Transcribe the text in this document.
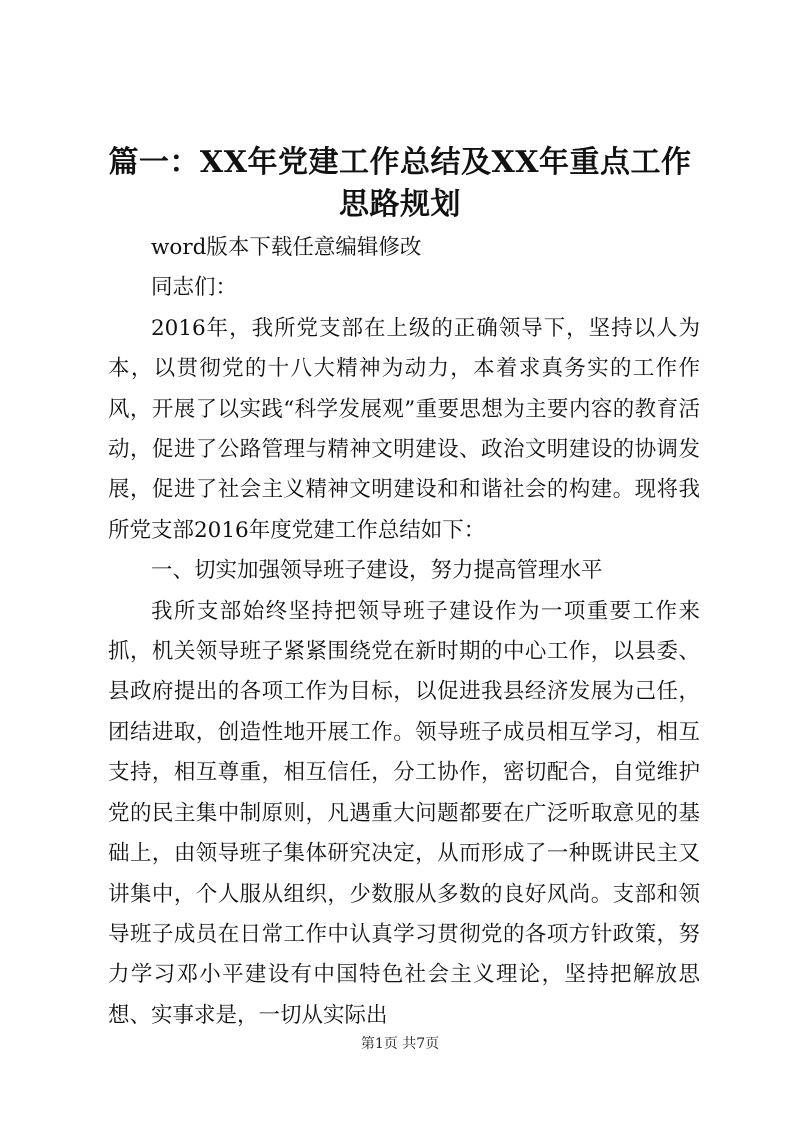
篇一：XX年党建工作总结及XX年重点工作思路规划

word版本下载任意编辑修改

同志们：

2016年，我所党支部在上级的正确领导下，坚持以人为本，以贯彻党的十八大精神为动力，本着求真务实的工作作风，开展了以实践“科学发展观”重要思想为主要内容的教育活动，促进了公路管理与精神文明建设、政治文明建设的协调发展，促进了社会主义精神文明建设和和谐社会的构建。现将我所党支部2016年度党建工作总结如下：

一、切实加强领导班子建设，努力提高管理水平

我所支部始终坚持把领导班子建设作为一项重要工作来抓，机关领导班子紧紧围绕党在新时期的中心工作，以县委、县政府提出的各项工作为目标，以促进我县经济发展为己任，团结进取，创造性地开展工作。领导班子成员相互学习，相互支持，相互尊重，相互信任，分工协作，密切配合，自觉维护党的民主集中制原则，凡遇重大问题都要在广泛听取意见的基础上，由领导班子集体研究决定，从而形成了一种既讲民主又讲集中，个人服从组织，少数服从多数的良好风尚。支部和领导班子成员在日常工作中认真学习贯彻党的各项方针政策，努力学习邓小平建设有中国特色社会主义理论，坚持把解放思想、实事求是，一切从实际出

第1页 共7页
